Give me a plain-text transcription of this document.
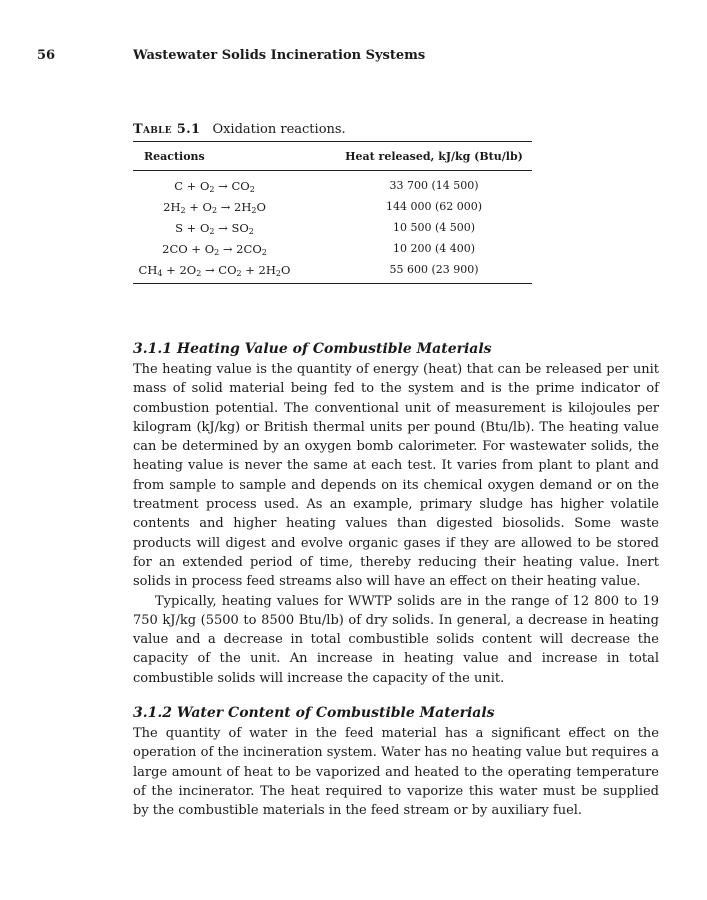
56	Wastewater Solids Incineration Systems
Table 5.1 Oxidation reactions.
Reactions	Heat released, kJ/kg (Btu/lb)
$C + O_2 \to CO_2$	33 700 (14 500)
$2H_2 + O_2 \to 2H_2O$	144 000 (62 000)
$S + O_2 \to SO_2$	10 500 (4 500)
$2CO + O_2 \to 2CO_2$	10 200 (4 400)
$CH_4 + 2O_2 \to CO_2 + 2H_2O$	55 600 (23 900)
3.1.1 Heating Value of Combustible Materials

The heating value is the quantity of energy (heat) that can be released per unit mass of solid material being fed to the system and is the prime indicator of combustion potential. The conventional unit of measurement is kilojoules per kilogram (kJ/kg) or British thermal units per pound (Btu/lb). The heating value can be determined by an oxygen bomb calorimeter. For wastewater solids, the heating value is never the same at each test. It varies from plant to plant and from sample to sample and depends on its chemical oxygen demand or on the treatment process used. As an example, primary sludge has higher volatile contents and higher heating values than digested biosolids. Some waste products will digest and evolve organic gases if they are allowed to be stored for an extended period of time, thereby reducing their heating value. Inert solids in process feed streams also will have an effect on their heating value.

Typically, heating values for WWTP solids are in the range of 12 800 to 19 750 kJ/kg (5500 to 8500 Btu/lb) of dry solids. In general, a decrease in heating value and a decrease in total combustible solids content will decrease the capacity of the unit. An increase in heating value and increase in total combustible solids will increase the capacity of the unit.

3.1.2 Water Content of Combustible Materials

The quantity of water in the feed material has a significant effect on the operation of the incineration system. Water has no heating value but requires a large amount of heat to be vaporized and heated to the operating temperature of the incinerator. The heat required to vaporize this water must be supplied by the combustible materials in the feed stream or by auxiliary fuel.
